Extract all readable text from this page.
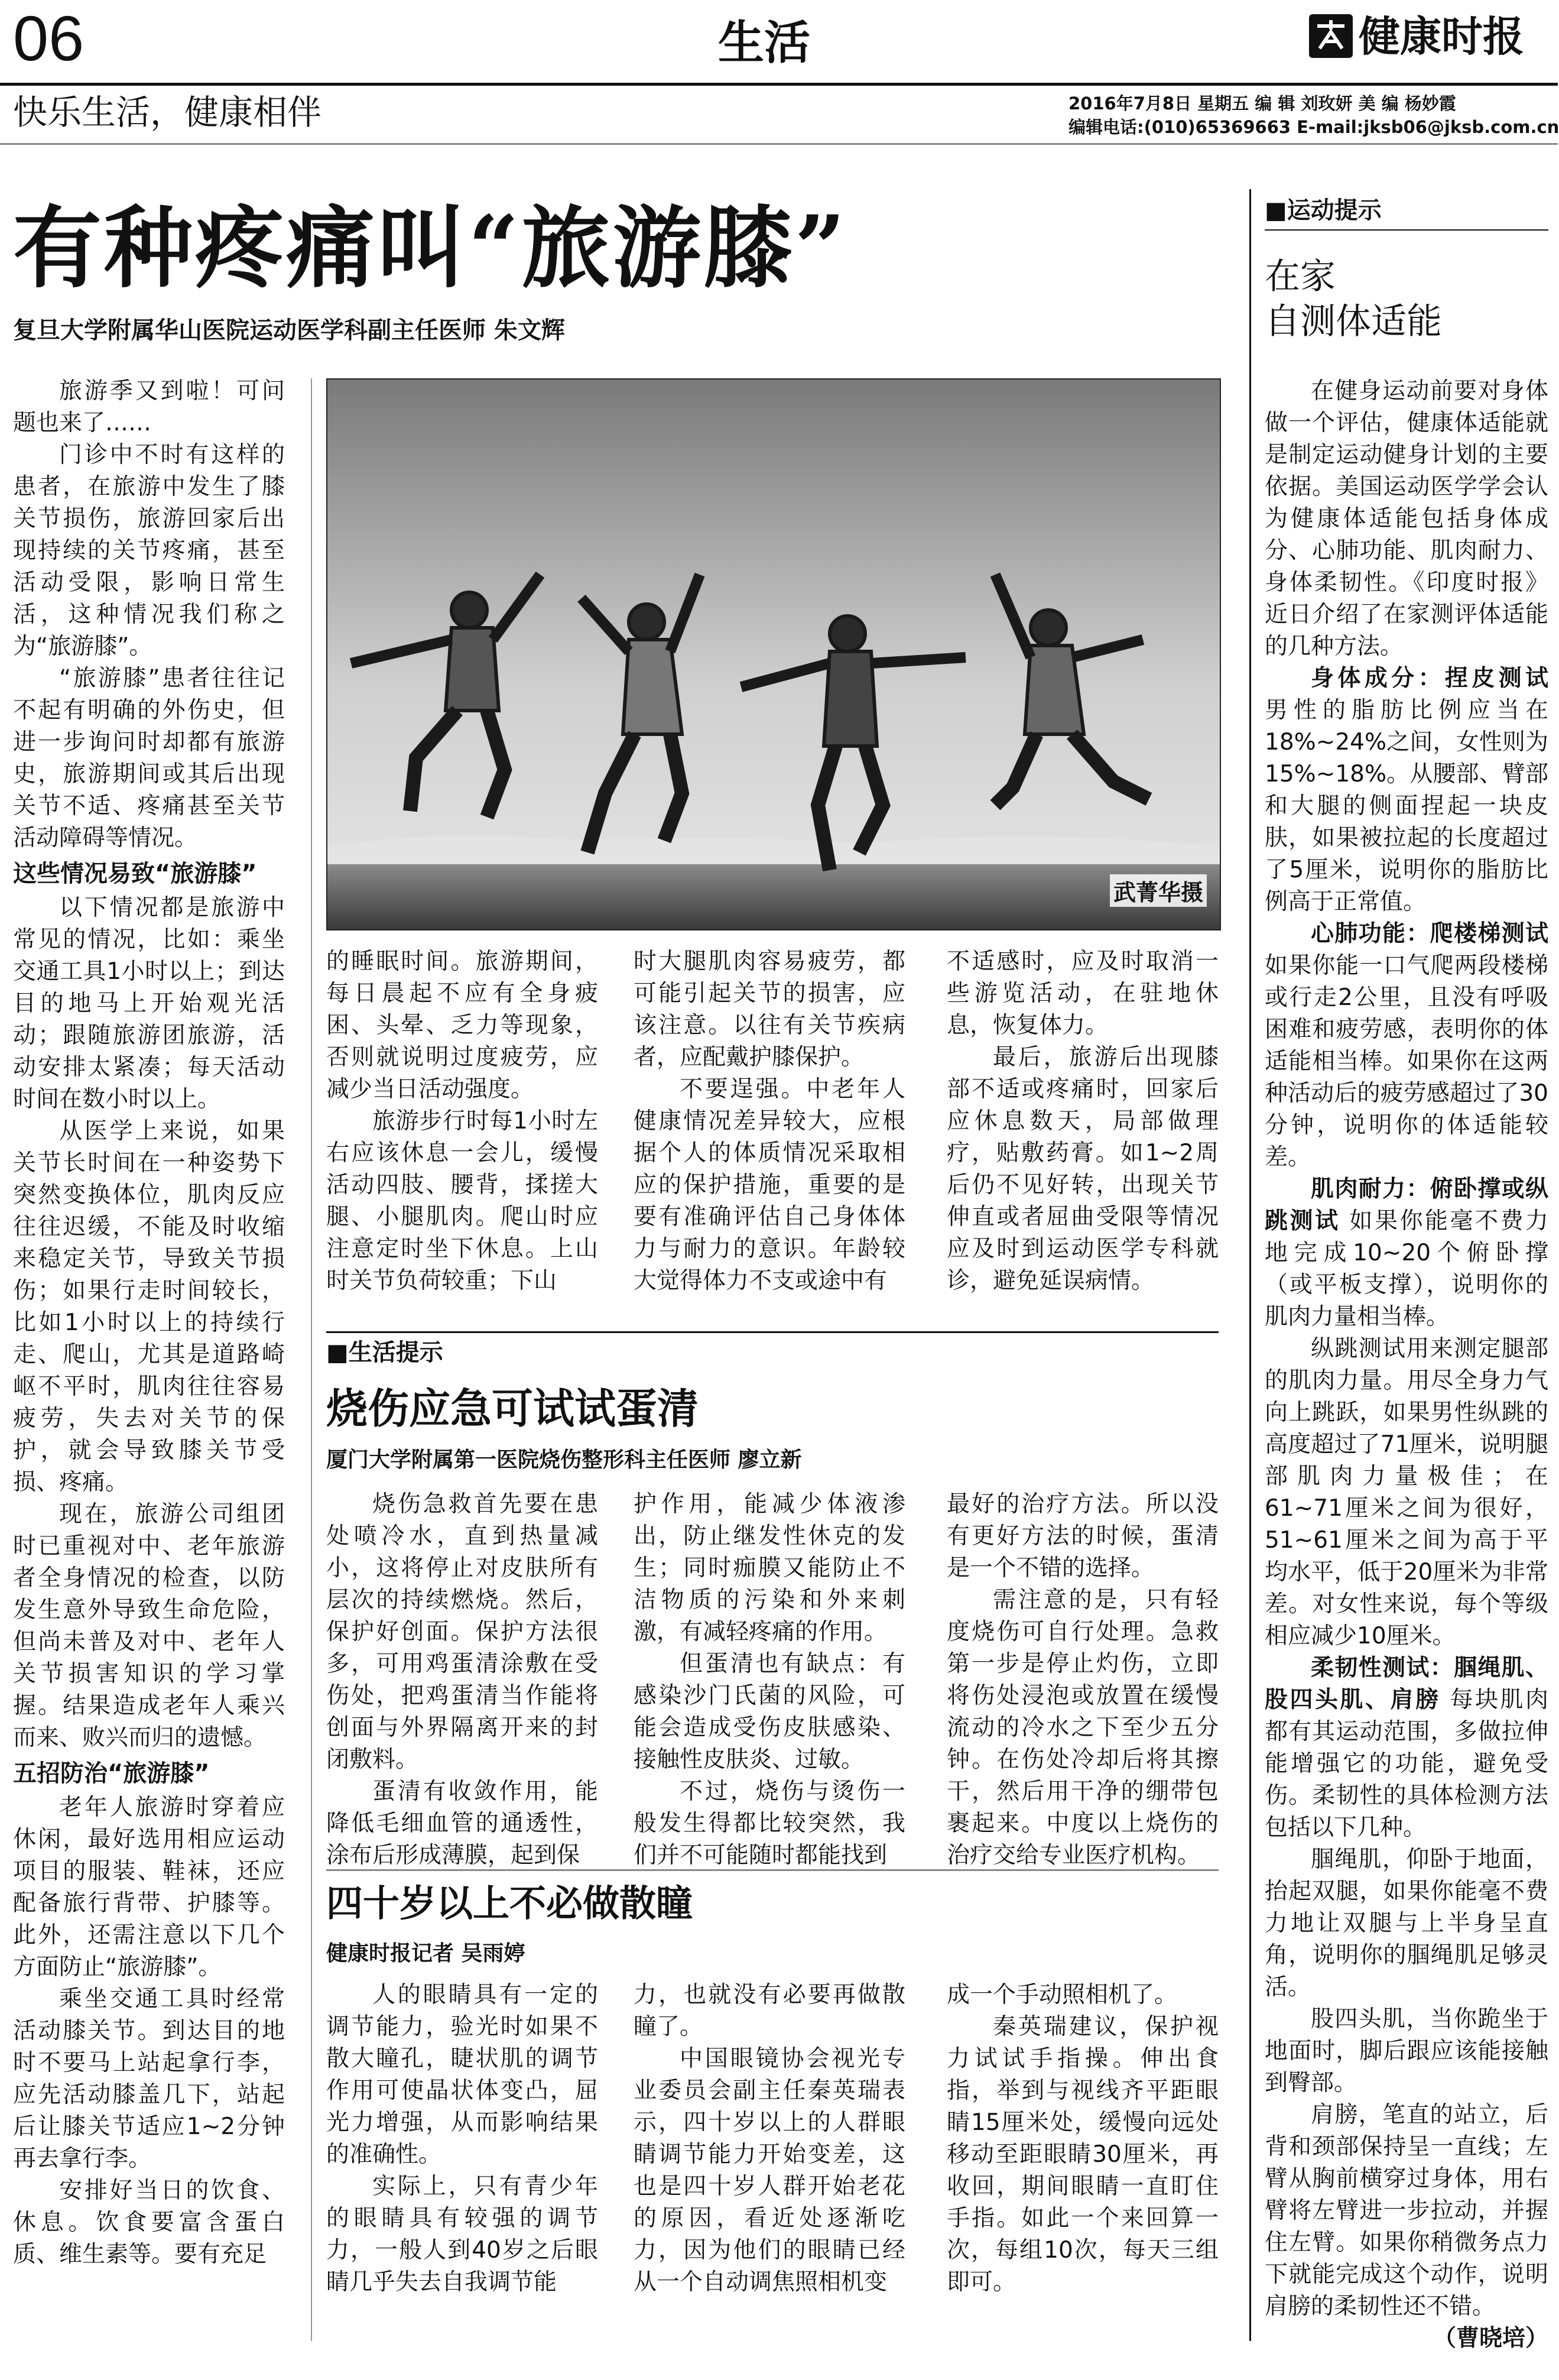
06	生活	健康时报
快乐生活，健康相伴	2016年7月8日 星期五 编 辑 刘玫妍 美 编 杨妙霞
编辑电话:(010)65369663 E-mail:jksb06@jksb.com.cn
有种疼痛叫“旅游膝”
复旦大学附属华山医院运动医学科副主任医师 朱文辉
武菁华摄

旅游季又到啦！可问题也来了……

门诊中不时有这样的患者，在旅游中发生了膝关节损伤，旅游回家后出现持续的关节疼痛，甚至活动受限，影响日常生活，这种情况我们称之为“旅游膝”。

“旅游膝”患者往往记不起有明确的外伤史，但进一步询问时却都有旅游史，旅游期间或其后出现关节不适、疼痛甚至关节活动障碍等情况。

这些情况易致“旅游膝”

以下情况都是旅游中常见的情况，比如：乘坐交通工具1小时以上；到达目的地马上开始观光活动；跟随旅游团旅游，活动安排太紧凑；每天活动时间在数小时以上。

从医学上来说，如果关节长时间在一种姿势下突然变换体位，肌肉反应往往迟缓，不能及时收缩来稳定关节，导致关节损伤；如果行走时间较长，比如1小时以上的持续行走、爬山，尤其是道路崎岖不平时，肌肉往往容易疲劳，失去对关节的保护，就会导致膝关节受损、疼痛。

现在，旅游公司组团时已重视对中、老年旅游者全身情况的检查，以防发生意外导致生命危险，但尚未普及对中、老年人关节损害知识的学习掌握。结果造成老年人乘兴而来、败兴而归的遗憾。

五招防治“旅游膝”

老年人旅游时穿着应休闲，最好选用相应运动项目的服装、鞋袜，还应配备旅行背带、护膝等。此外，还需注意以下几个方面防止“旅游膝”。

乘坐交通工具时经常活动膝关节。到达目的地时不要马上站起拿行李，应先活动膝盖几下，站起后让膝关节适应1~2分钟再去拿行李。

安排好当日的饮食、休息。饮食要富含蛋白质、维生素等。要有充足

的睡眠时间。旅游期间，每日晨起不应有全身疲困、头晕、乏力等现象，否则就说明过度疲劳，应减少当日活动强度。

旅游步行时每1小时左右应该休息一会儿，缓慢活动四肢、腰背，揉搓大腿、小腿肌肉。爬山时应注意定时坐下休息。上山时关节负荷较重；下山

时大腿肌肉容易疲劳，都可能引起关节的损害，应该注意。以往有关节疾病者，应配戴护膝保护。

不要逞强。中老年人健康情况差异较大，应根据个人的体质情况采取相应的保护措施，重要的是要有准确评估自己身体体力与耐力的意识。年龄较大觉得体力不支或途中有

不适感时，应及时取消一些游览活动，在驻地休息，恢复体力。

最后，旅游后出现膝部不适或疼痛时，回家后应休息数天，局部做理疗，贴敷药膏。如1~2周后仍不见好转，出现关节伸直或者屈曲受限等情况应及时到运动医学专科就诊，避免延误病情。

■生活提示
烧伤应急可试试蛋清
厦门大学附属第一医院烧伤整形科主任医师 廖立新

烧伤急救首先要在患处喷冷水，直到热量减小，这将停止对皮肤所有层次的持续燃烧。然后，保护好创面。保护方法很多，可用鸡蛋清涂敷在受伤处，把鸡蛋清当作能将创面与外界隔离开来的封闭敷料。

蛋清有收敛作用，能降低毛细血管的通透性，涂布后形成薄膜，起到保

护作用，能减少体液渗出，防止继发性休克的发生；同时痂膜又能防止不洁物质的污染和外来刺激，有减轻疼痛的作用。

但蛋清也有缺点：有感染沙门氏菌的风险，可能会造成受伤皮肤感染、接触性皮肤炎、过敏。

不过，烧伤与烫伤一般发生得都比较突然，我们并不可能随时都能找到

最好的治疗方法。所以没有更好方法的时候，蛋清是一个不错的选择。

需注意的是，只有轻度烧伤可自行处理。急救第一步是停止灼伤，立即将伤处浸泡或放置在缓慢流动的冷水之下至少五分钟。在伤处冷却后将其擦干，然后用干净的绷带包裹起来。中度以上烧伤的治疗交给专业医疗机构。

四十岁以上不必做散瞳
健康时报记者 吴雨婷

人的眼睛具有一定的调节能力，验光时如果不散大瞳孔，睫状肌的调节作用可使晶状体变凸，屈光力增强，从而影响结果的准确性。

实际上，只有青少年的眼睛具有较强的调节力，一般人到40岁之后眼睛几乎失去自我调节能

力，也就没有必要再做散瞳了。

中国眼镜协会视光专业委员会副主任秦英瑞表示，四十岁以上的人群眼睛调节能力开始变差，这也是四十岁人群开始老花的原因，看近处逐渐吃力，因为他们的眼睛已经从一个自动调焦照相机变

成一个手动照相机了。

秦英瑞建议，保护视力试试手指操。伸出食指，举到与视线齐平距眼睛15厘米处，缓慢向远处移动至距眼睛30厘米，再收回，期间眼睛一直盯住手指。如此一个来回算一次，每组10次，每天三组即可。

■运动提示
在家
自测体适能

在健身运动前要对身体做一个评估，健康体适能就是制定运动健身计划的主要依据。美国运动医学学会认为健康体适能包括身体成分、心肺功能、肌肉耐力、身体柔韧性。《印度时报》近日介绍了在家测评体适能的几种方法。

身体成分：捏皮测试 男性的脂肪比例应当在18%~24%之间，女性则为15%~18%。从腰部、臂部和大腿的侧面捏起一块皮肤，如果被拉起的长度超过了5厘米，说明你的脂肪比例高于正常值。

心肺功能：爬楼梯测试 如果你能一口气爬两段楼梯或行走2公里，且没有呼吸困难和疲劳感，表明你的体适能相当棒。如果你在这两种活动后的疲劳感超过了30分钟，说明你的体适能较差。

肌肉耐力：俯卧撑或纵跳测试 如果你能毫不费力地完成10~20个俯卧撑（或平板支撑），说明你的肌肉力量相当棒。

纵跳测试用来测定腿部的肌肉力量。用尽全身力气向上跳跃，如果男性纵跳的高度超过了71厘米，说明腿部肌肉力量极佳；在61~71厘米之间为很好，51~61厘米之间为高于平均水平，低于20厘米为非常差。对女性来说，每个等级相应减少10厘米。

柔韧性测试：腘绳肌、股四头肌、肩膀 每块肌肉都有其运动范围，多做拉伸能增强它的功能，避免受伤。柔韧性的具体检测方法包括以下几种。

腘绳肌，仰卧于地面，抬起双腿，如果你能毫不费力地让双腿与上半身呈直角，说明你的腘绳肌足够灵活。

股四头肌，当你跪坐于地面时，脚后跟应该能接触到臀部。

肩膀，笔直的站立，后背和颈部保持呈一直线；左臂从胸前横穿过身体，用右臂将左臂进一步拉动，并握住左臂。如果你稍微务点力下就能完成这个动作，说明肩膀的柔韧性还不错。

（曹晓培）
